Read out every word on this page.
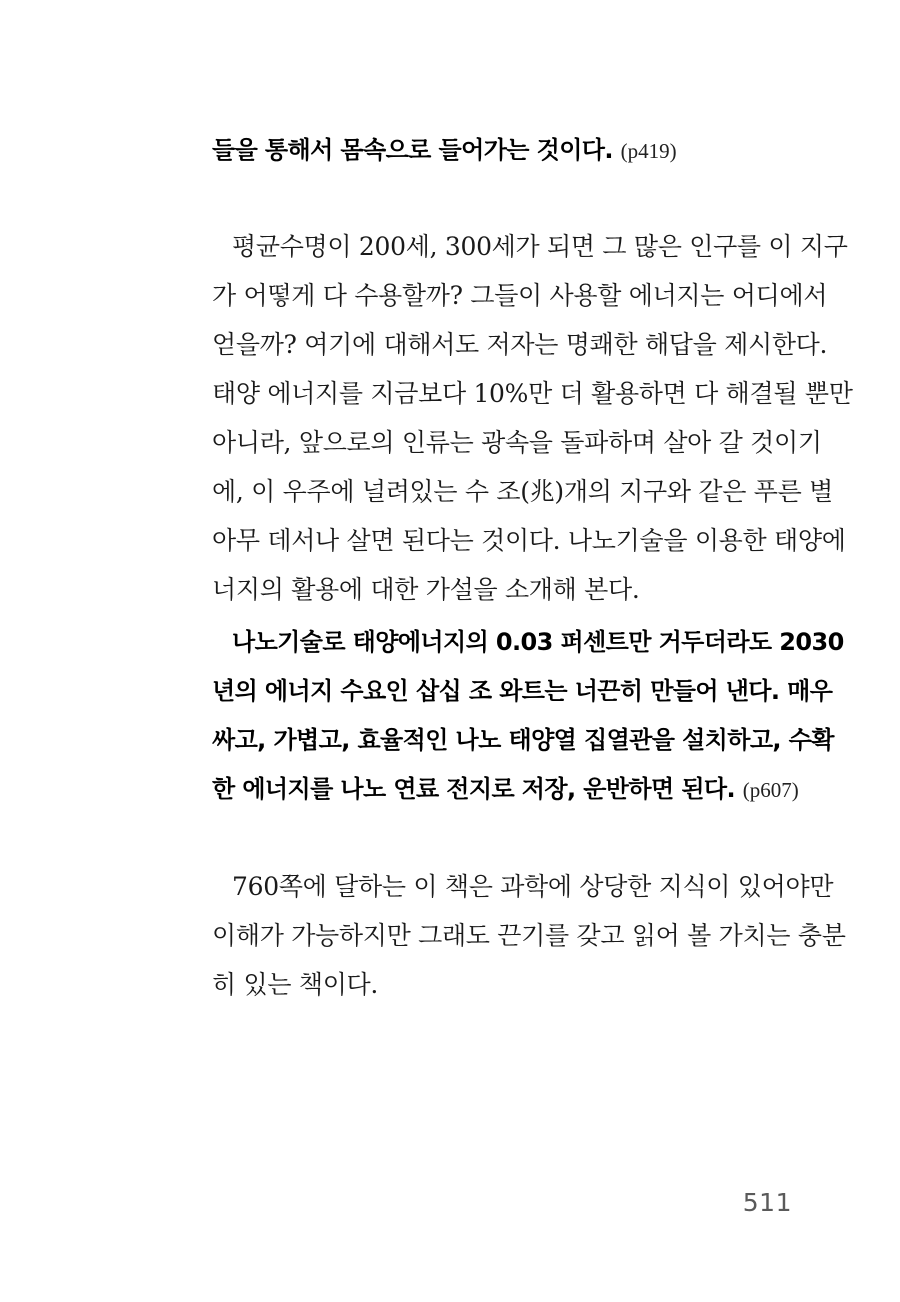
들을 통해서 몸속으로 들어가는 것이다. (p419)
평균수명이 200세, 300세가 되면 그 많은 인구를 이 지구
가 어떻게 다 수용할까? 그들이 사용할 에너지는 어디에서
얻을까? 여기에 대해서도 저자는 명쾌한 해답을 제시한다.
태양 에너지를 지금보다 10%만 더 활용하면 다 해결될 뿐만
아니라, 앞으로의 인류는 광속을 돌파하며 살아 갈 것이기
에, 이 우주에 널려있는 수 조(兆)개의 지구와 같은 푸른 별
아무 데서나 살면 된다는 것이다. 나노기술을 이용한 태양에
너지의 활용에 대한 가설을 소개해 본다.
나노기술로 태양에너지의 0.03 퍼센트만 거두더라도 2030
년의 에너지 수요인 삽십 조 와트는 너끈히 만들어 낸다. 매우
싸고, 가볍고, 효율적인 나노 태양열 집열관을 설치하고, 수확
한 에너지를 나노 연료 전지로 저장, 운반하면 된다. (p607)
760쪽에 달하는 이 책은 과학에 상당한 지식이 있어야만
이해가 가능하지만 그래도 끈기를 갖고 읽어 볼 가치는 충분
히 있는 책이다.
511
